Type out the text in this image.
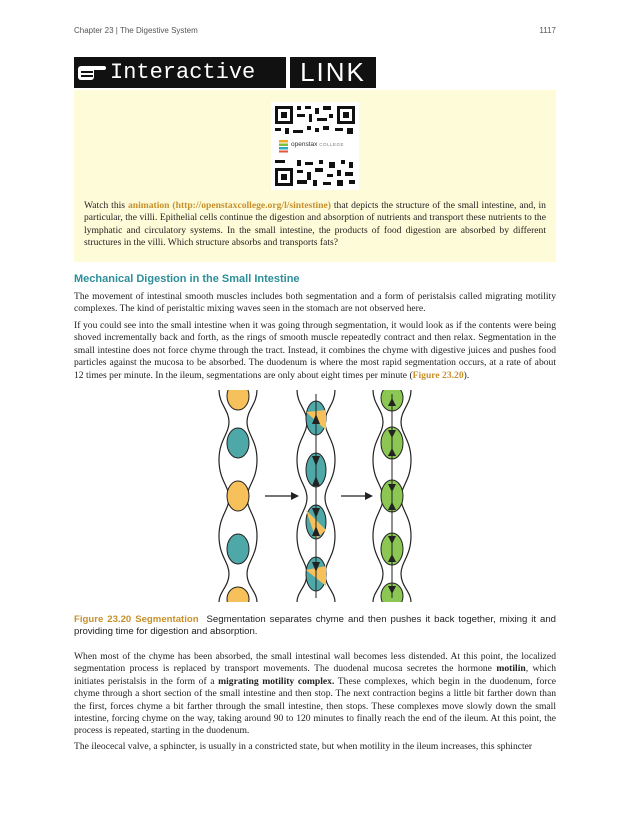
Chapter 23 | The Digestive System	1117
Interactive LINK
openstax COLLEGE
Watch this animation (http://openstaxcollege.org/l/sintestine) that depicts the structure of the small intestine, and, in particular, the villi. Epithelial cells continue the digestion and absorption of nutrients and transport these nutrients to the lymphatic and circulatory systems. In the small intestine, the products of food digestion are absorbed by different structures in the villi. Which structure absorbs and transports fats?
Mechanical Digestion in the Small Intestine

The movement of intestinal smooth muscles includes both segmentation and a form of peristalsis called migrating motility complexes. The kind of peristaltic mixing waves seen in the stomach are not observed here.

If you could see into the small intestine when it was going through segmentation, it would look as if the contents were being shoved incrementally back and forth, as the rings of smooth muscle repeatedly contract and then relax. Segmentation in the small intestine does not force chyme through the tract. Instead, it combines the chyme with digestive juices and pushes food particles against the mucosa to be absorbed. The duodenum is where the most rapid segmentation occurs, at a rate of about 12 times per minute. In the ileum, segmentations are only about eight times per minute (Figure 23.20).

Figure 23.20 Segmentation Segmentation separates chyme and then pushes it back together, mixing it and providing time for digestion and absorption.

When most of the chyme has been absorbed, the small intestinal wall becomes less distended. At this point, the localized segmentation process is replaced by transport movements. The duodenal mucosa secretes the hormone motilin, which initiates peristalsis in the form of a migrating motility complex. These complexes, which begin in the duodenum, force chyme through a short section of the small intestine and then stop. The next contraction begins a little bit farther down than the first, forces chyme a bit farther through the small intestine, then stops. These complexes move slowly down the small intestine, forcing chyme on the way, taking around 90 to 120 minutes to finally reach the end of the ileum. At this point, the process is repeated, starting in the duodenum.

The ileocecal valve, a sphincter, is usually in a constricted state, but when motility in the ileum increases, this sphincter
